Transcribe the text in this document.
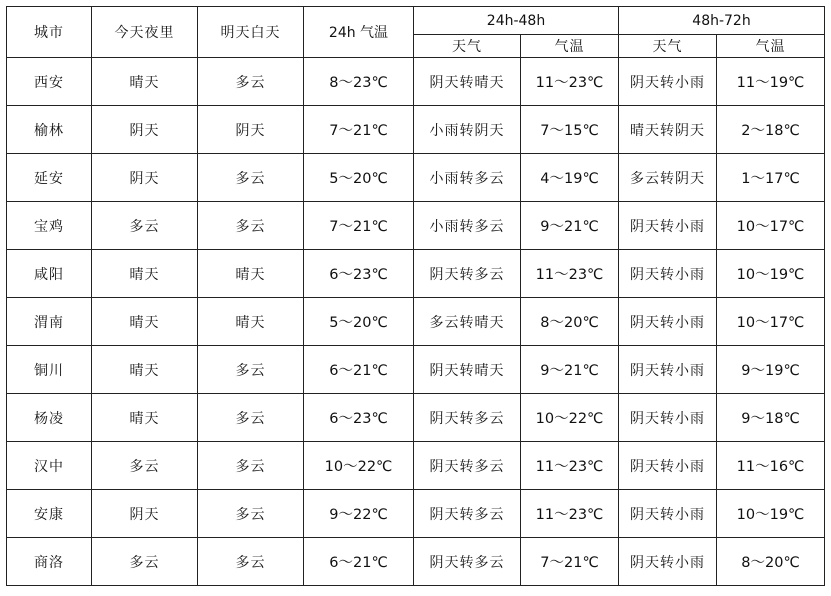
城市	今天夜里	明天白天	24h 气温	24h-48h		48h-72h	
				天气	气温	天气	气温
西安	晴天	多云	8～23℃	阴天转晴天	11～23℃	阴天转小雨	11～19℃
榆林	阴天	阴天	7～21℃	小雨转阴天	7～15℃	晴天转阴天	2～18℃
延安	阴天	多云	5～20℃	小雨转多云	4～19℃	多云转阴天	1～17℃
宝鸡	多云	多云	7～21℃	小雨转多云	9～21℃	阴天转小雨	10～17℃
咸阳	晴天	晴天	6～23℃	阴天转多云	11～23℃	阴天转小雨	10～19℃
渭南	晴天	晴天	5～20℃	多云转晴天	8～20℃	阴天转小雨	10～17℃
铜川	晴天	多云	6～21℃	阴天转晴天	9～21℃	阴天转小雨	9～19℃
杨凌	晴天	多云	6～23℃	阴天转多云	10～22℃	阴天转小雨	9～18℃
汉中	多云	多云	10～22℃	阴天转多云	11～23℃	阴天转小雨	11～16℃
安康	阴天	多云	9～22℃	阴天转多云	11～23℃	阴天转小雨	10～19℃
商洛	多云	多云	6～21℃	阴天转多云	7～21℃	阴天转小雨	8～20℃
